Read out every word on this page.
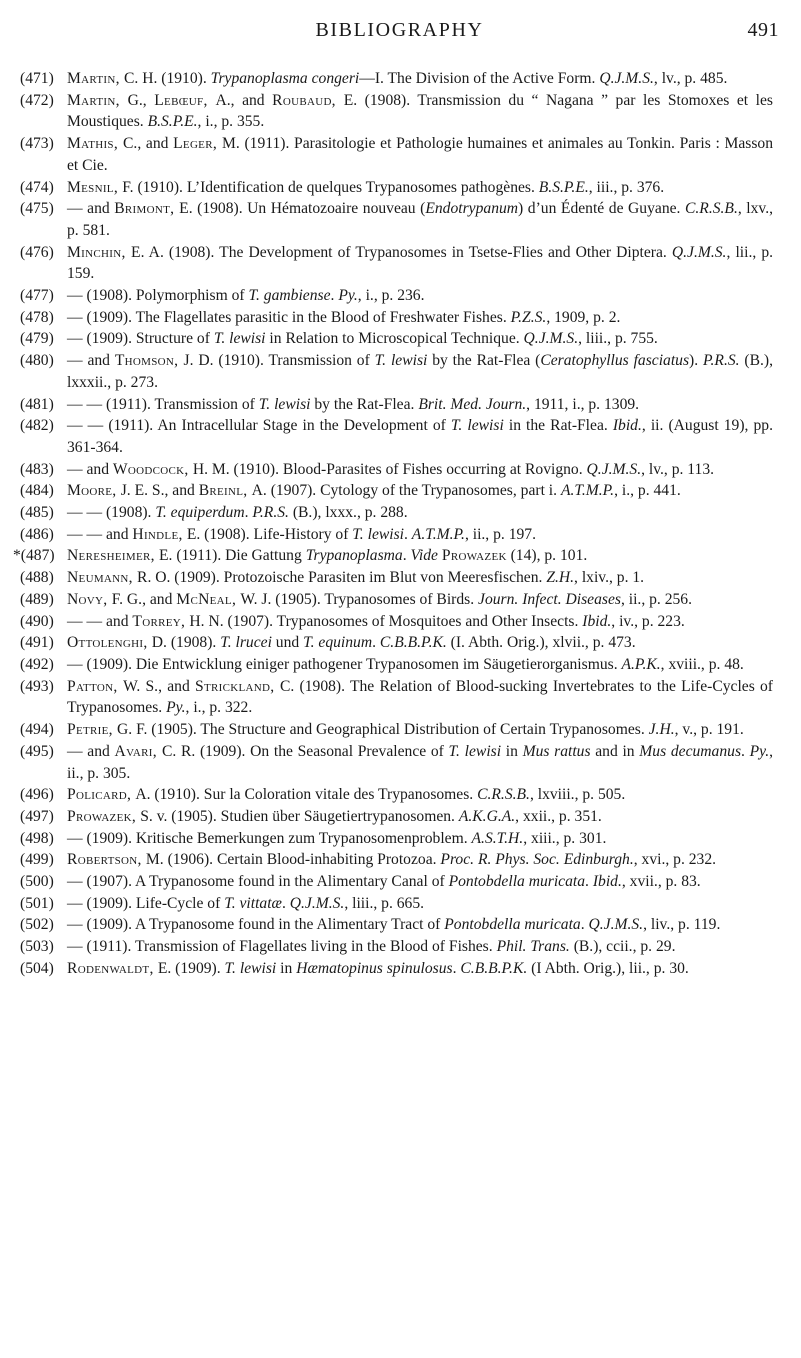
BIBLIOGRAPHY	491
(471) Martin, C. H. (1910). Trypanoplasma congeri—I. The Division of the Active Form. Q.J.M.S., lv., p. 485.
(472) Martin, G., Lebœuf, A., and Roubaud, E. (1908). Transmission du “ Nagana ” par les Stomoxes et les Moustiques. B.S.P.E., i., p. 355.
(473) Mathis, C., and Leger, M. (1911). Parasitologie et Pathologie humaines et animales au Tonkin. Paris : Masson et Cie.
(474) Mesnil, F. (1910). L’Identification de quelques Trypanosomes pathogènes. B.S.P.E., iii., p. 376.
(475) — and Brimont, E. (1908). Un Hématozoaire nouveau (Endotrypanum) d’un Édenté de Guyane. C.R.S.B., lxv., p. 581.
(476) Minchin, E. A. (1908). The Development of Trypanosomes in Tsetse-Flies and Other Diptera. Q.J.M.S., lii., p. 159.
(477) — (1908). Polymorphism of T. gambiense. Py., i., p. 236.
(478) — (1909). The Flagellates parasitic in the Blood of Freshwater Fishes. P.Z.S., 1909, p. 2.
(479) — (1909). Structure of T. lewisi in Relation to Microscopical Technique. Q.J.M.S., liii., p. 755.
(480) — and Thomson, J. D. (1910). Transmission of T. lewisi by the Rat-Flea (Ceratophyllus fasciatus). P.R.S. (B.), lxxxii., p. 273.
(481) — — (1911). Transmission of T. lewisi by the Rat-Flea. Brit. Med. Journ., 1911, i., p. 1309.
(482) — — (1911). An Intracellular Stage in the Development of T. lewisi in the Rat-Flea. Ibid., ii. (August 19), pp. 361-364.
(483) — and Woodcock, H. M. (1910). Blood-Parasites of Fishes occurring at Rovigno. Q.J.M.S., lv., p. 113.
(484) Moore, J. E. S., and Breinl, A. (1907). Cytology of the Trypanosomes, part i. A.T.M.P., i., p. 441.
(485) — — (1908). T. equiperdum. P.R.S. (B.), lxxx., p. 288.
(486) — — and Hindle, E. (1908). Life-History of T. lewisi. A.T.M.P., ii., p. 197.
*(487) Neresheimer, E. (1911). Die Gattung Trypanoplasma. Vide Prowazek (14), p. 101.
(488) Neumann, R. O. (1909). Protozoische Parasiten im Blut von Meeresfischen. Z.H., lxiv., p. 1.
(489) Novy, F. G., and McNeal, W. J. (1905). Trypanosomes of Birds. Journ. Infect. Diseases, ii., p. 256.
(490) — — and Torrey, H. N. (1907). Trypanosomes of Mosquitoes and Other Insects. Ibid., iv., p. 223.
(491) Ottolenghi, D. (1908). T. lrucei und T. equinum. C.B.B.P.K. (I. Abth. Orig.), xlvii., p. 473.
(492) — (1909). Die Entwicklung einiger pathogener Trypanosomen im Säugetierorganismus. A.P.K., xviii., p. 48.
(493) Patton, W. S., and Strickland, C. (1908). The Relation of Blood-sucking Invertebrates to the Life-Cycles of Trypanosomes. Py., i., p. 322.
(494) Petrie, G. F. (1905). The Structure and Geographical Distribution of Certain Trypanosomes. J.H., v., p. 191.
(495) — and Avari, C. R. (1909). On the Seasonal Prevalence of T. lewisi in Mus rattus and in Mus decumanus. Py., ii., p. 305.
(496) Policard, A. (1910). Sur la Coloration vitale des Trypanosomes. C.R.S.B., lxviii., p. 505.
(497) Prowazek, S. v. (1905). Studien über Säugetiertrypanosomen. A.K.G.A., xxii., p. 351.
(498) — (1909). Kritische Bemerkungen zum Trypanosomenproblem. A.S.T.H., xiii., p. 301.
(499) Robertson, M. (1906). Certain Blood-inhabiting Protozoa. Proc. R. Phys. Soc. Edinburgh., xvi., p. 232.
(500) — (1907). A Trypanosome found in the Alimentary Canal of Pontobdella muricata. Ibid., xvii., p. 83.
(501) — (1909). Life-Cycle of T. vittatæ. Q.J.M.S., liii., p. 665.
(502) — (1909). A Trypanosome found in the Alimentary Tract of Pontobdella muricata. Q.J.M.S., liv., p. 119.
(503) — (1911). Transmission of Flagellates living in the Blood of Fishes. Phil. Trans. (B.), ccii., p. 29.
(504) Rodenwaldt, E. (1909). T. lewisi in Hæmatopinus spinulosus. C.B.B.P.K. (I Abth. Orig.), lii., p. 30.
